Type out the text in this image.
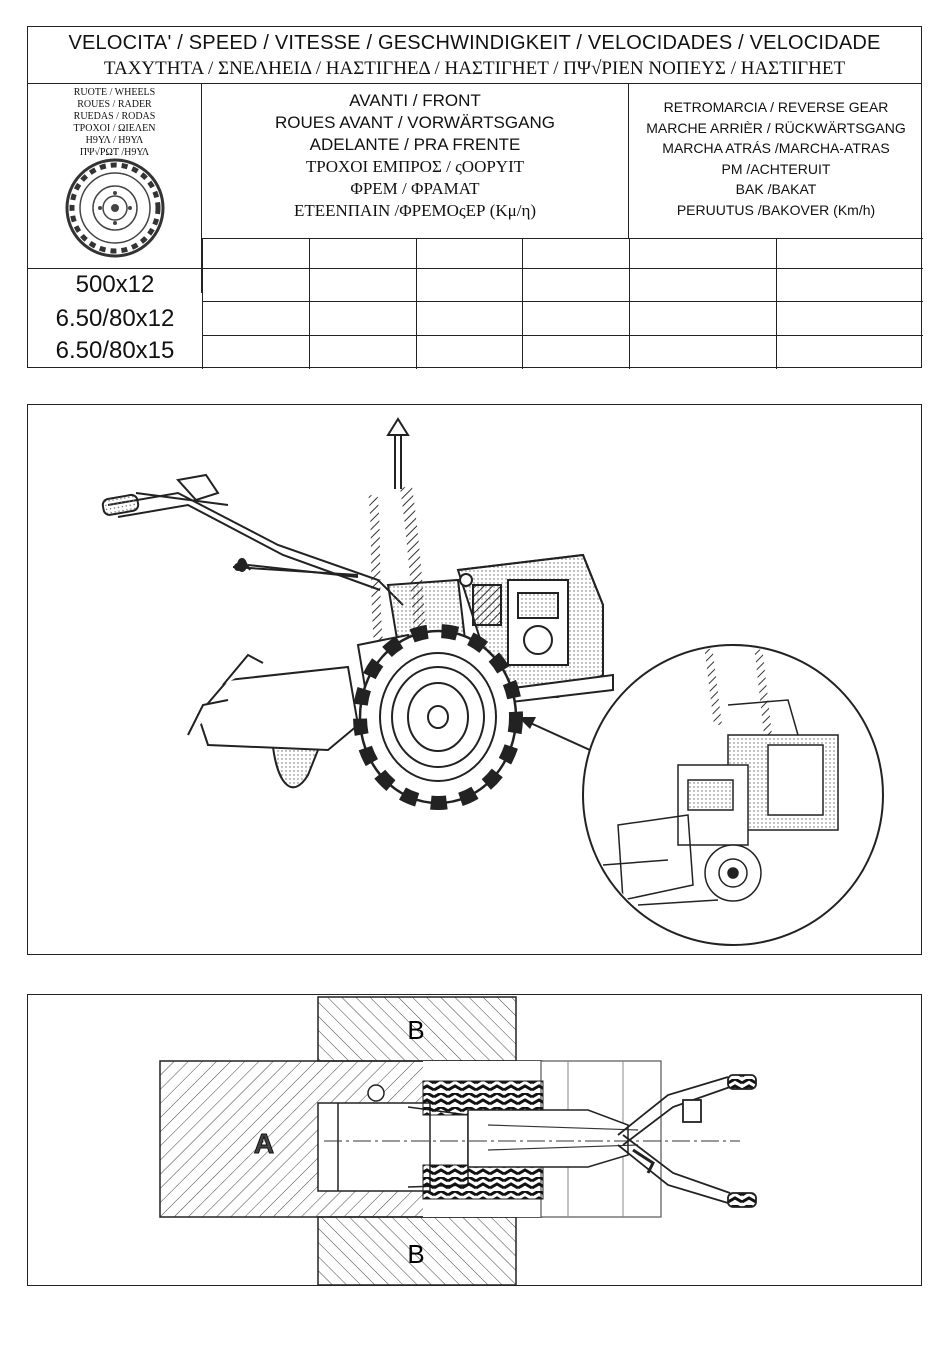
VELOCITA' / SPEED / VITESSE / GESCHWINDIGKEIT / VELOCIDADES / VELOCIDADE
ΤΑΧΥΤΗΤΑ / ΣΝΕΛΗΕΙΔ / ΗΑΣΤΙΓΗΕΔ / ΗΑΣΤΙΓΗΕΤ / ΠΨ√ΡΙΕΝ ΝΟΠΕΥΣ / ΗΑΣΤΙΓΗΕΤ
RUOTE / WHEELS
ROUES / RADER
RUEDAS / RODAS
ΤΡΟΧΟΙ / ΩΙΕΛΕΝ
Η9ΥΛ / Η9ΥΛ
ΠΨ√ΡΩΤ /Η9ΥΛ
AVANTI / FRONT
ROUES AVANT / VORWÄRTSGANG
ADELANTE / PRA FRENTE
ΤΡΟΧΟΙ ΕΜΠΡΟΣ / ςΟΟΡΥΙΤ
ΦΡΕΜ / ΦΡΑΜΑΤ
ΕΤΕΕΝΠΑΙΝ /ΦΡΕΜΟςΕΡ (Κμ/η)
RETROMARCIA / REVERSE GEAR
MARCHE ARRIÈR / RÜCKWÄRTSGANG
MARCHA ATRÁS /MARCHA-ATRAS
PM /ACHTERUIT
BAK /BAKAT
PERUUTUS /BAKOVER (Km/h)
500x12
6.50/80x12
6.50/80x15
B
A
B
